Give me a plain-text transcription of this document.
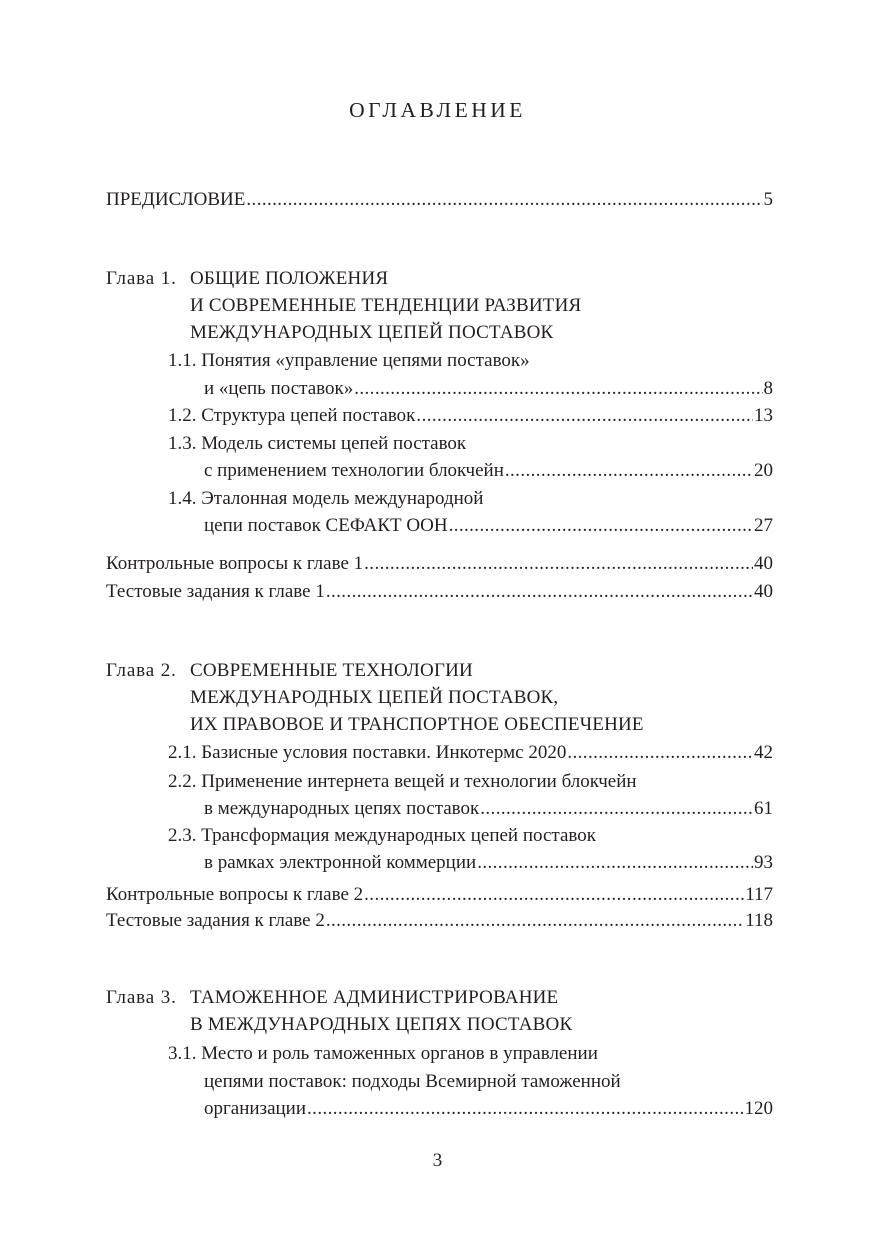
ОГЛАВЛЕНИЕ
ПРЕДИСЛОВИЕ .....	5
Глава 1. ОБЩИЕ ПОЛОЖЕНИЯ
И СОВРЕМЕННЫЕ ТЕНДЕНЦИИ РАЗВИТИЯ
МЕЖДУНАРОДНЫХ ЦЕПЕЙ ПОСТАВОК
1.1. Понятия «управление цепями поставок»
и «цепь поставок» .....	8
1.2. Структура цепей поставок .....	13
1.3. Модель системы цепей поставок
с применением технологии блокчейн .....	20
1.4. Эталонная модель международной
цепи поставок СЕФАКТ ООН .....	27
Контрольные вопросы к главе 1 .....	40
Тестовые задания к главе 1 .....	40
Глава 2. СОВРЕМЕННЫЕ ТЕХНОЛОГИИ
МЕЖДУНАРОДНЫХ ЦЕПЕЙ ПОСТАВОК,
ИХ ПРАВОВОЕ И ТРАНСПОРТНОЕ ОБЕСПЕЧЕНИЕ
2.1. Базисные условия поставки. Инкотермс 2020 .....	42
2.2. Применение интернета вещей и технологии блокчейн
в международных цепях поставок .....	61
2.3. Трансформация международных цепей поставок
в рамках электронной коммерции .....	93
Контрольные вопросы к главе 2 .....	117
Тестовые задания к главе 2 .....	118
Глава 3. ТАМОЖЕННОЕ АДМИНИСТРИРОВАНИЕ
В МЕЖДУНАРОДНЫХ ЦЕПЯХ ПОСТАВОК
3.1. Место и роль таможенных органов в управлении
цепями поставок: подходы Всемирной таможенной
организации .....	120
3
